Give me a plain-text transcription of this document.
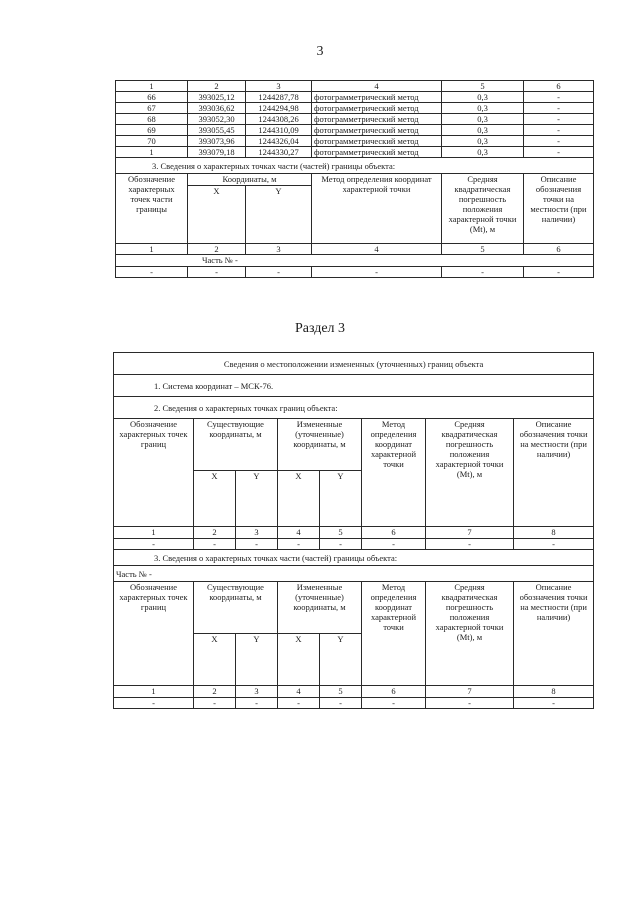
3
1	2	3	4	5	6
66	393025,12	1244287,78	фотограмметрический метод	0,3	-
67	393036,62	1244294,98	фотограмметрический метод	0,3	-
68	393052,30	1244308,26	фотограмметрический метод	0,3	-
69	393055,45	1244310,09	фотограмметрический метод	0,3	-
70	393073,96	1244326,04	фотограмметрический метод	0,3	-
1	393079,18	1244330,27	фотограмметрический метод	0,3	-
3. Сведения о характерных точках части (частей) границы объекта:					
Обозначение характерных точек части границы	Координаты, м		Метод определения координат характерной точки	Средняя квадратическая погрешность положения характерной точки (Mt), м	Описание обозначения точки на местности (при наличии)
	X	Y			
1	2	3	4	5	6
Часть № -					
-	-	-	-	-	-
Раздел 3
Сведения о местоположении измененных (уточненных) границ объекта							
1. Система координат – МСК-76.							
2. Сведения о характерных точках границ объекта:							
Обозначение характерных точек границ	Существующие координаты, м		Измененные (уточненные) координаты, м		Метод определения координат характерной точки	Средняя квадратическая погрешность положения характерной точки (Mt), м	Описание обозначения точки на местности (при наличии)
	X	Y	X	Y			
1	2	3	4	5	6	7	8
-	-	-	-	-	-	-	-
3. Сведения о характерных точках части (частей) границы объекта:							
Часть № -							
Обозначение характерных точек границ	Существующие координаты, м		Измененные (уточненные) координаты, м		Метод определения координат характерной точки	Средняя квадратическая погрешность положения характерной точки (Mt), м	Описание обозначения точки на местности (при наличии)
	X	Y	X	Y			
1	2	3	4	5	6	7	8
-	-	-	-	-	-	-	-
